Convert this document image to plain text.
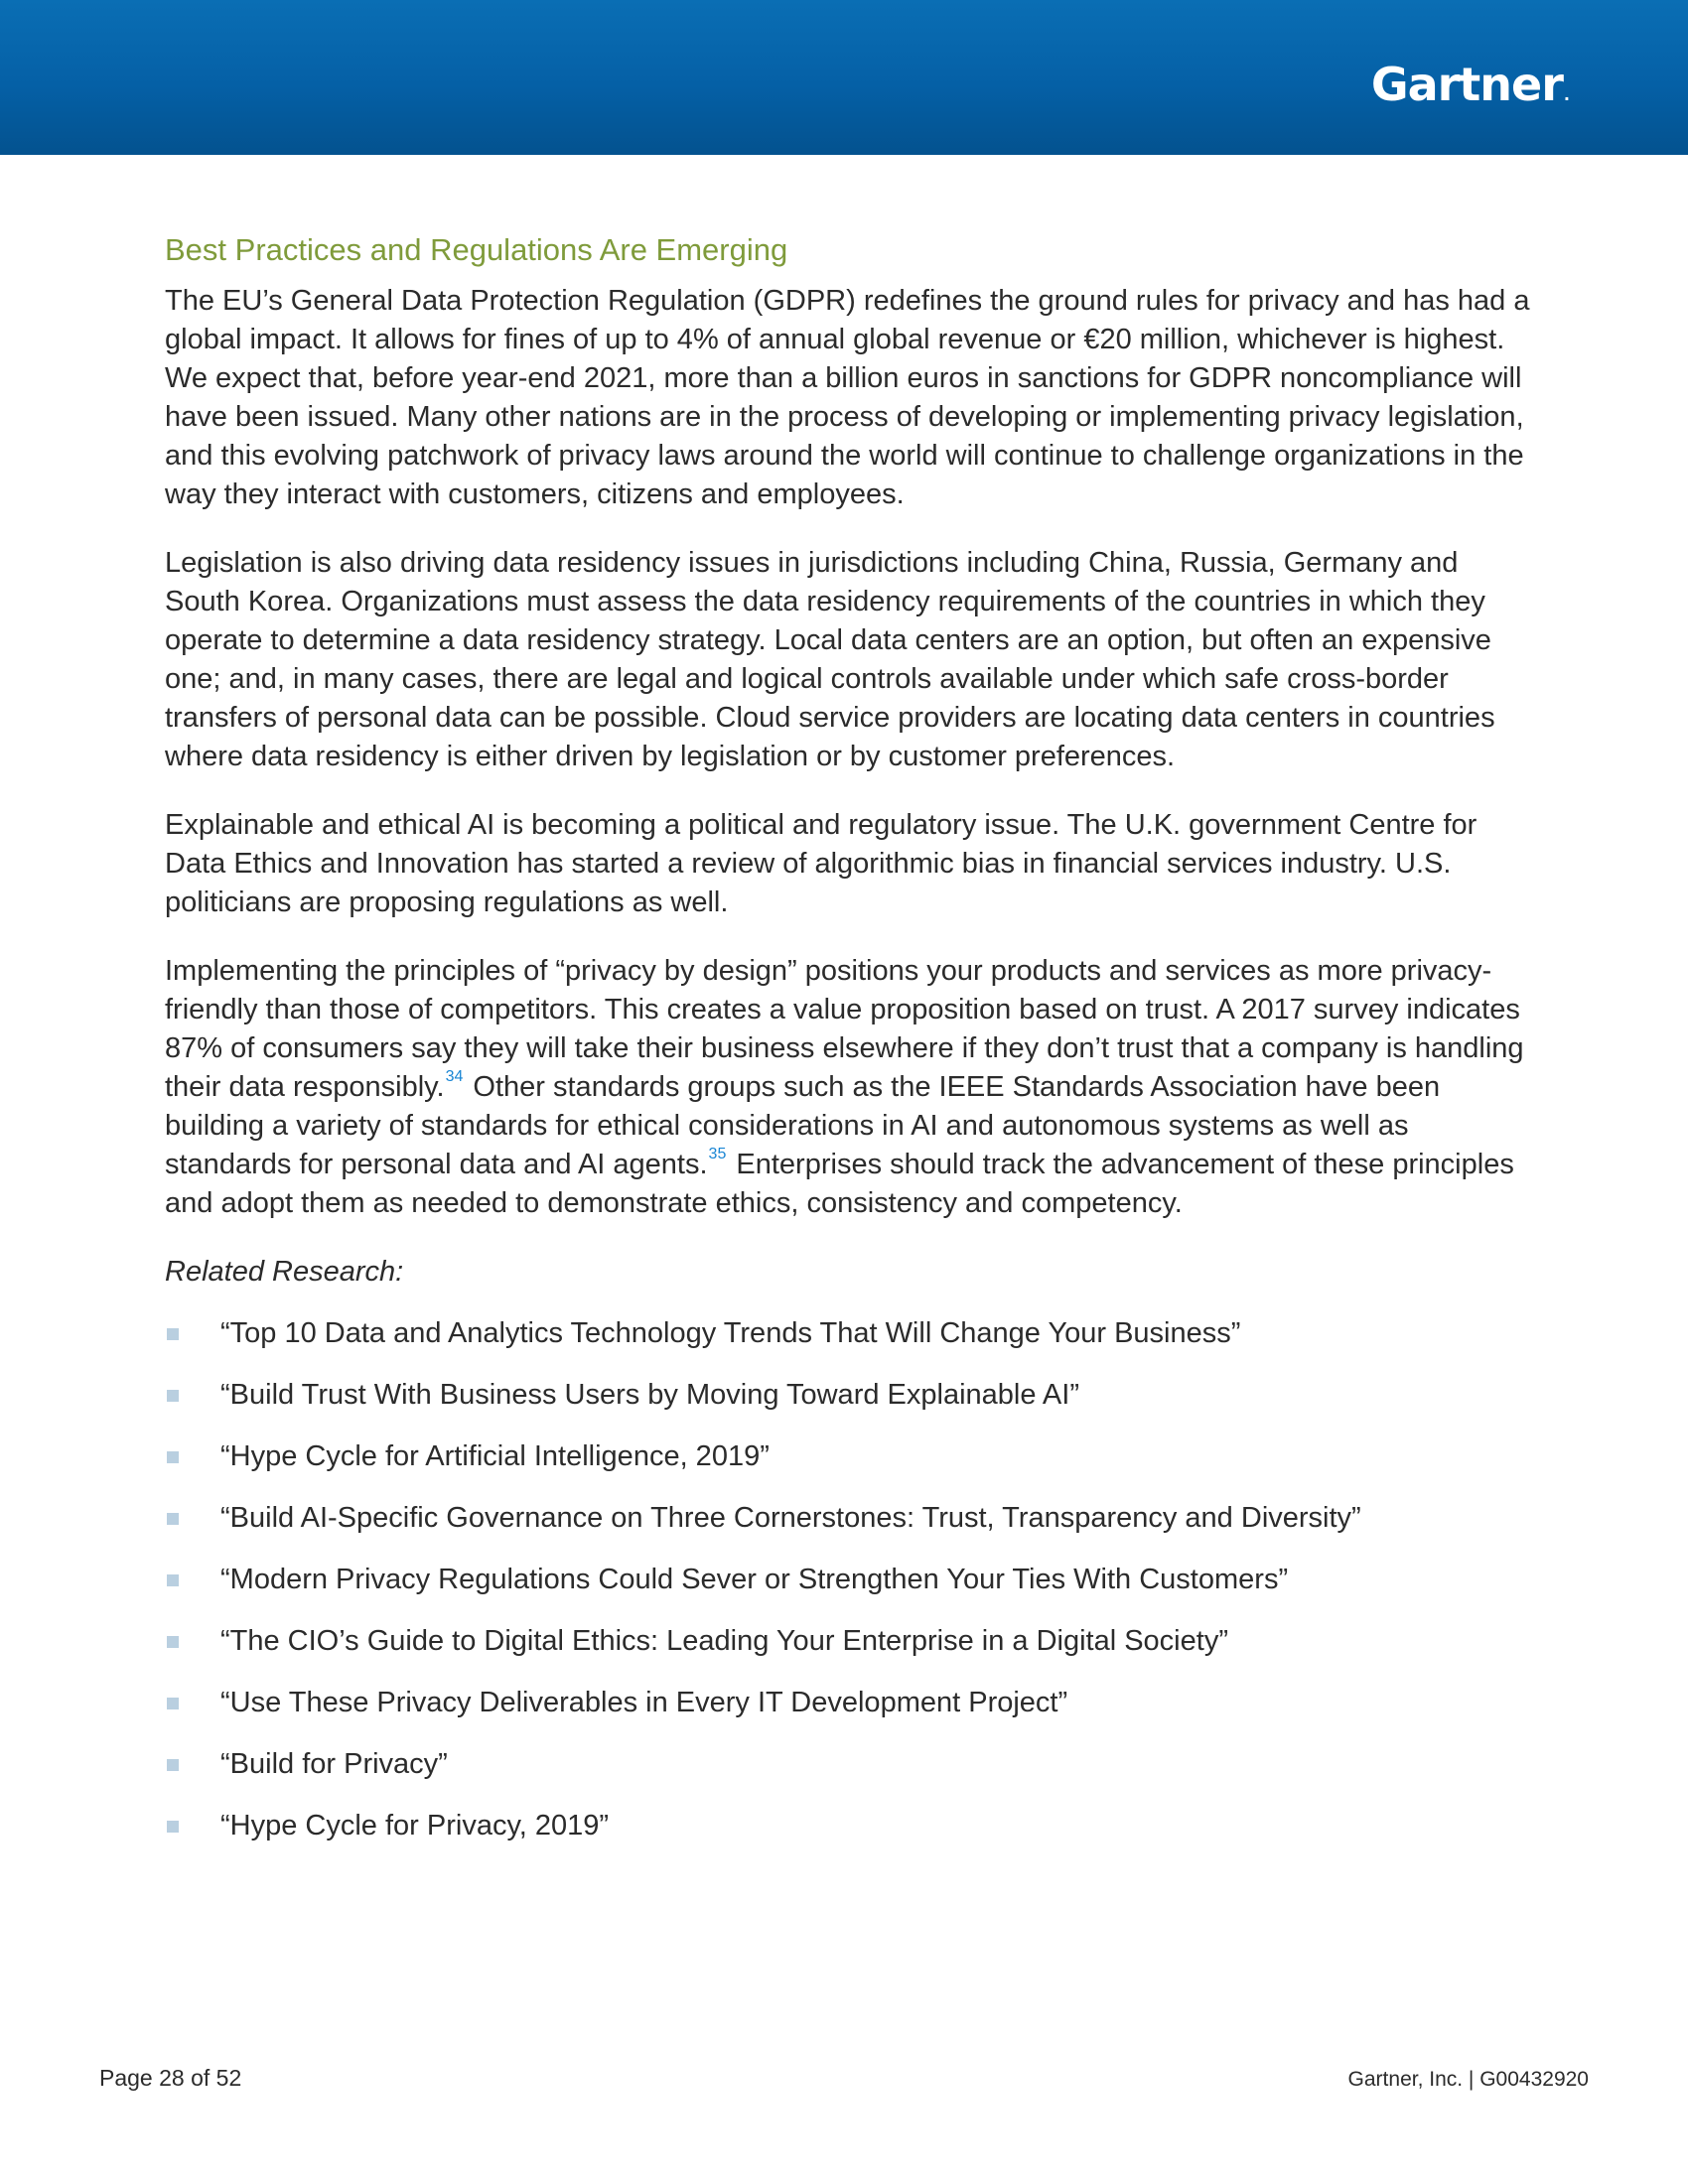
Gartner.
Best Practices and Regulations Are Emerging

The EU’s General Data Protection Regulation (GDPR) redefines the ground rules for privacy and has had a global impact. It allows for fines of up to 4% of annual global revenue or €20 million, whichever is highest. We expect that, before year-end 2021, more than a billion euros in sanctions for GDPR noncompliance will have been issued. Many other nations are in the process of developing or implementing privacy legislation, and this evolving patchwork of privacy laws around the world will continue to challenge organizations in the way they interact with customers, citizens and employees.

Legislation is also driving data residency issues in jurisdictions including China, Russia, Germany and South Korea. Organizations must assess the data residency requirements of the countries in which they operate to determine a data residency strategy. Local data centers are an option, but often an expensive one; and, in many cases, there are legal and logical controls available under which safe cross-border transfers of personal data can be possible. Cloud service providers are locating data centers in countries where data residency is either driven by legislation or by customer preferences.

Explainable and ethical AI is becoming a political and regulatory issue. The U.K. government Centre for Data Ethics and Innovation has started a review of algorithmic bias in financial services industry. U.S. politicians are proposing regulations as well.

Implementing the principles of “privacy by design” positions your products and services as more privacy-friendly than those of competitors. This creates a value proposition based on trust. A 2017 survey indicates 87% of consumers say they will take their business elsewhere if they don’t trust that a company is handling their data responsibly.$^{34}$ Other standards groups such as the IEEE Standards Association have been building a variety of standards for ethical considerations in AI and autonomous systems as well as standards for personal data and AI agents.$^{35}$ Enterprises should track the advancement of these principles and adopt them as needed to demonstrate ethics, consistency and competency.

Related Research:

“Top 10 Data and Analytics Technology Trends That Will Change Your Business”
“Build Trust With Business Users by Moving Toward Explainable AI”
“Hype Cycle for Artificial Intelligence, 2019”
“Build AI-Specific Governance on Three Cornerstones: Trust, Transparency and Diversity”
“Modern Privacy Regulations Could Sever or Strengthen Your Ties With Customers”
“The CIO’s Guide to Digital Ethics: Leading Your Enterprise in a Digital Society”
“Use These Privacy Deliverables in Every IT Development Project”
“Build for Privacy”
“Hype Cycle for Privacy, 2019”
Page 28 of 52	Gartner, Inc. | G00432920
